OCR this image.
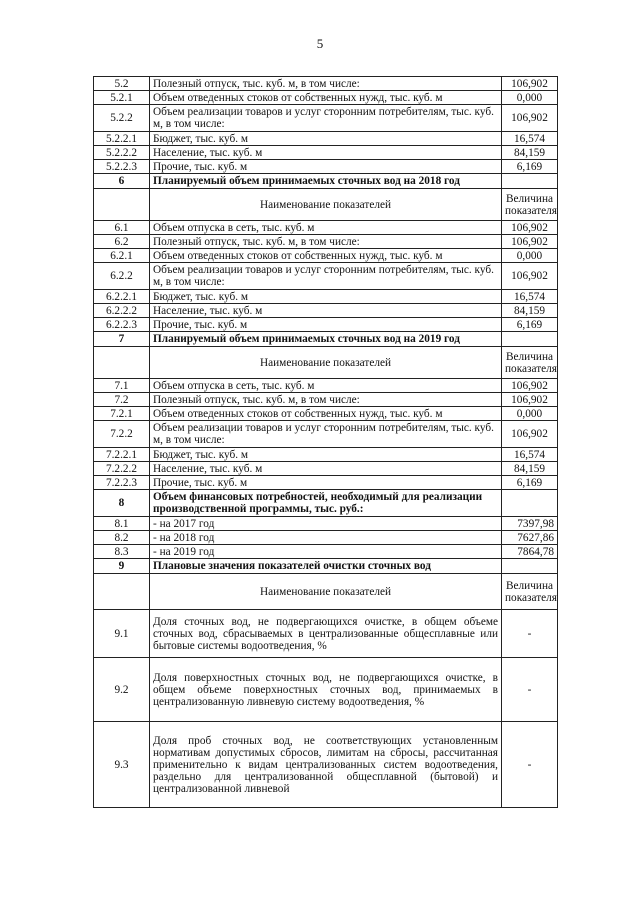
5
5.2	Полезный отпуск, тыс. куб. м, в том числе:	106,902
5.2.1	Объем отведенных стоков от собственных нужд, тыс. куб. м	0,000
5.2.2	Объем реализации товаров и услуг сторонним потребителям, тыс. куб. м, в том числе:	106,902
5.2.2.1	Бюджет, тыс. куб. м	16,574
5.2.2.2	Население, тыс. куб. м	84,159
5.2.2.3	Прочие, тыс. куб. м	6,169
6	Планируемый объем принимаемых сточных вод на 2018 год	
	Наименование показателей	Величина показателя
6.1	Объем отпуска в сеть, тыс. куб. м	106,902
6.2	Полезный отпуск, тыс. куб. м, в том числе:	106,902
6.2.1	Объем отведенных стоков от собственных нужд, тыс. куб. м	0,000
6.2.2	Объем реализации товаров и услуг сторонним потребителям, тыс. куб. м, в том числе:	106,902
6.2.2.1	Бюджет, тыс. куб. м	16,574
6.2.2.2	Население, тыс. куб. м	84,159
6.2.2.3	Прочие, тыс. куб. м	6,169
7	Планируемый объем принимаемых сточных вод на 2019 год	
	Наименование показателей	Величина показателя
7.1	Объем отпуска в сеть, тыс. куб. м	106,902
7.2	Полезный отпуск, тыс. куб. м, в том числе:	106,902
7.2.1	Объем отведенных стоков от собственных нужд, тыс. куб. м	0,000
7.2.2	Объем реализации товаров и услуг сторонним потребителям, тыс. куб. м, в том числе:	106,902
7.2.2.1	Бюджет, тыс. куб. м	16,574
7.2.2.2	Население, тыс. куб. м	84,159
7.2.2.3	Прочие, тыс. куб. м	6,169
8	Объем финансовых потребностей, необходимый для реализации производственной программы, тыс. руб.:	
8.1	- на 2017 год	7397,98
8.2	- на 2018 год	7627,86
8.3	- на 2019 год	7864,78
9	Плановые значения показателей очистки сточных вод	
	Наименование показателей	Величина показателя
9.1	Доля сточных вод, не подвергающихся очистке, в общем объеме сточных вод, сбрасываемых в централизованные общесплавные или бытовые системы водоотведения, %	-
9.2	Доля поверхностных сточных вод, не подвергающихся очистке, в общем объеме поверхностных сточных вод, принимаемых в централизованную ливневую систему водоотведения, %	-
9.3	Доля проб сточных вод, не соответствующих установленным нормативам допустимых сбросов, лимитам на сбросы, рассчитанная применительно к видам централизованных систем водоотведения, раздельно для централизованной общесплавной (бытовой) и централизованной ливневой	-
